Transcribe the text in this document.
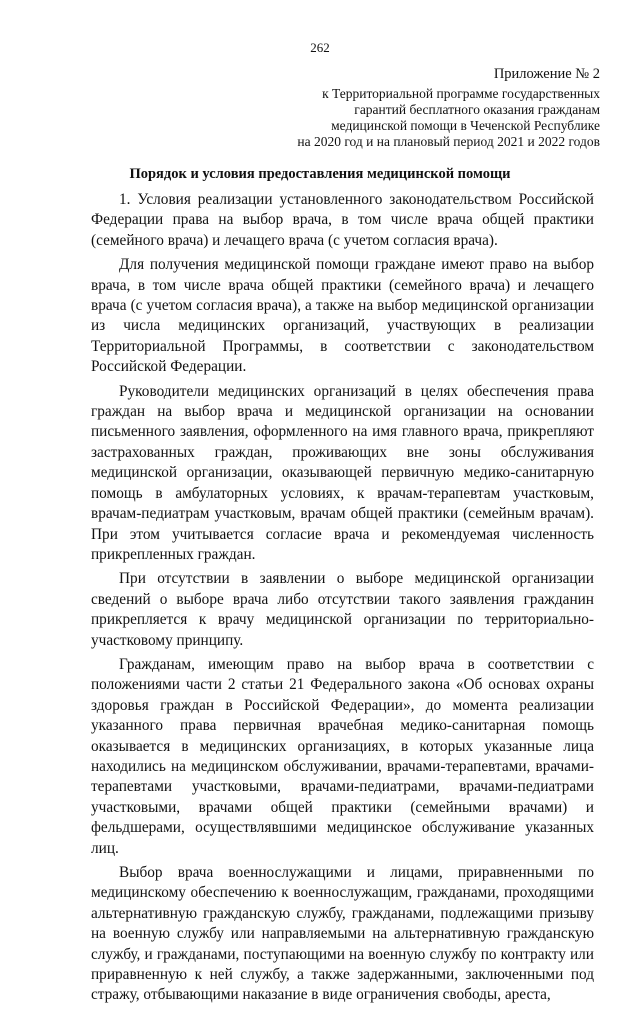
262
Приложение № 2
к Территориальной программе государственных
гарантий бесплатного оказания гражданам
медицинской помощи в Чеченской Республике
на 2020 год и на плановый период 2021 и 2022 годов
Порядок и условия предоставления медицинской помощи

1. Условия реализации установленного законодательством Российской Федерации права на выбор врача, в том числе врача общей практики (семейного врача) и лечащего врача (с учетом согласия врача).

Для получения медицинской помощи граждане имеют право на выбор врача, в том числе врача общей практики (семейного врача) и лечащего врача (с учетом согласия врача), а также на выбор медицинской организации из числа медицинских организаций, участвующих в реализации Территориальной Программы, в соответствии с законодательством Российской Федерации.

Руководители медицинских организаций в целях обеспечения права граждан на выбор врача и медицинской организации на основании письменного заявления, оформленного на имя главного врача, прикрепляют застрахованных граждан, проживающих вне зоны обслуживания медицинской организации, оказывающей первичную медико-санитарную помощь в амбулаторных условиях, к врачам-терапевтам участковым, врачам-педиатрам участковым, врачам общей практики (семейным врачам). При этом учитывается согласие врача и рекомендуемая численность прикрепленных граждан.

При отсутствии в заявлении о выборе медицинской организации сведений о выборе врача либо отсутствии такого заявления гражданин прикрепляется к врачу медицинской организации по территориально-участковому принципу.

Гражданам, имеющим право на выбор врача в соответствии с положениями части 2 статьи 21 Федерального закона «Об основах охраны здоровья граждан в Российской Федерации», до момента реализации указанного права первичная врачебная медико-санитарная помощь оказывается в медицинских организациях, в которых указанные лица находились на медицинском обслуживании, врачами-терапевтами, врачами-терапевтами участковыми, врачами-педиатрами, врачами-педиатрами участковыми, врачами общей практики (семейными врачами) и фельдшерами, осуществлявшими медицинское обслуживание указанных лиц.

Выбор врача военнослужащими и лицами, приравненными по медицинскому обеспечению к военнослужащим, гражданами, проходящими альтернативную гражданскую службу, гражданами, подлежащими призыву на военную службу или направляемыми на альтернативную гражданскую службу, и гражданами, поступающими на военную службу по контракту или приравненную к ней службу, а также задержанными, заключенными под стражу, отбывающими наказание в виде ограничения свободы, ареста,
